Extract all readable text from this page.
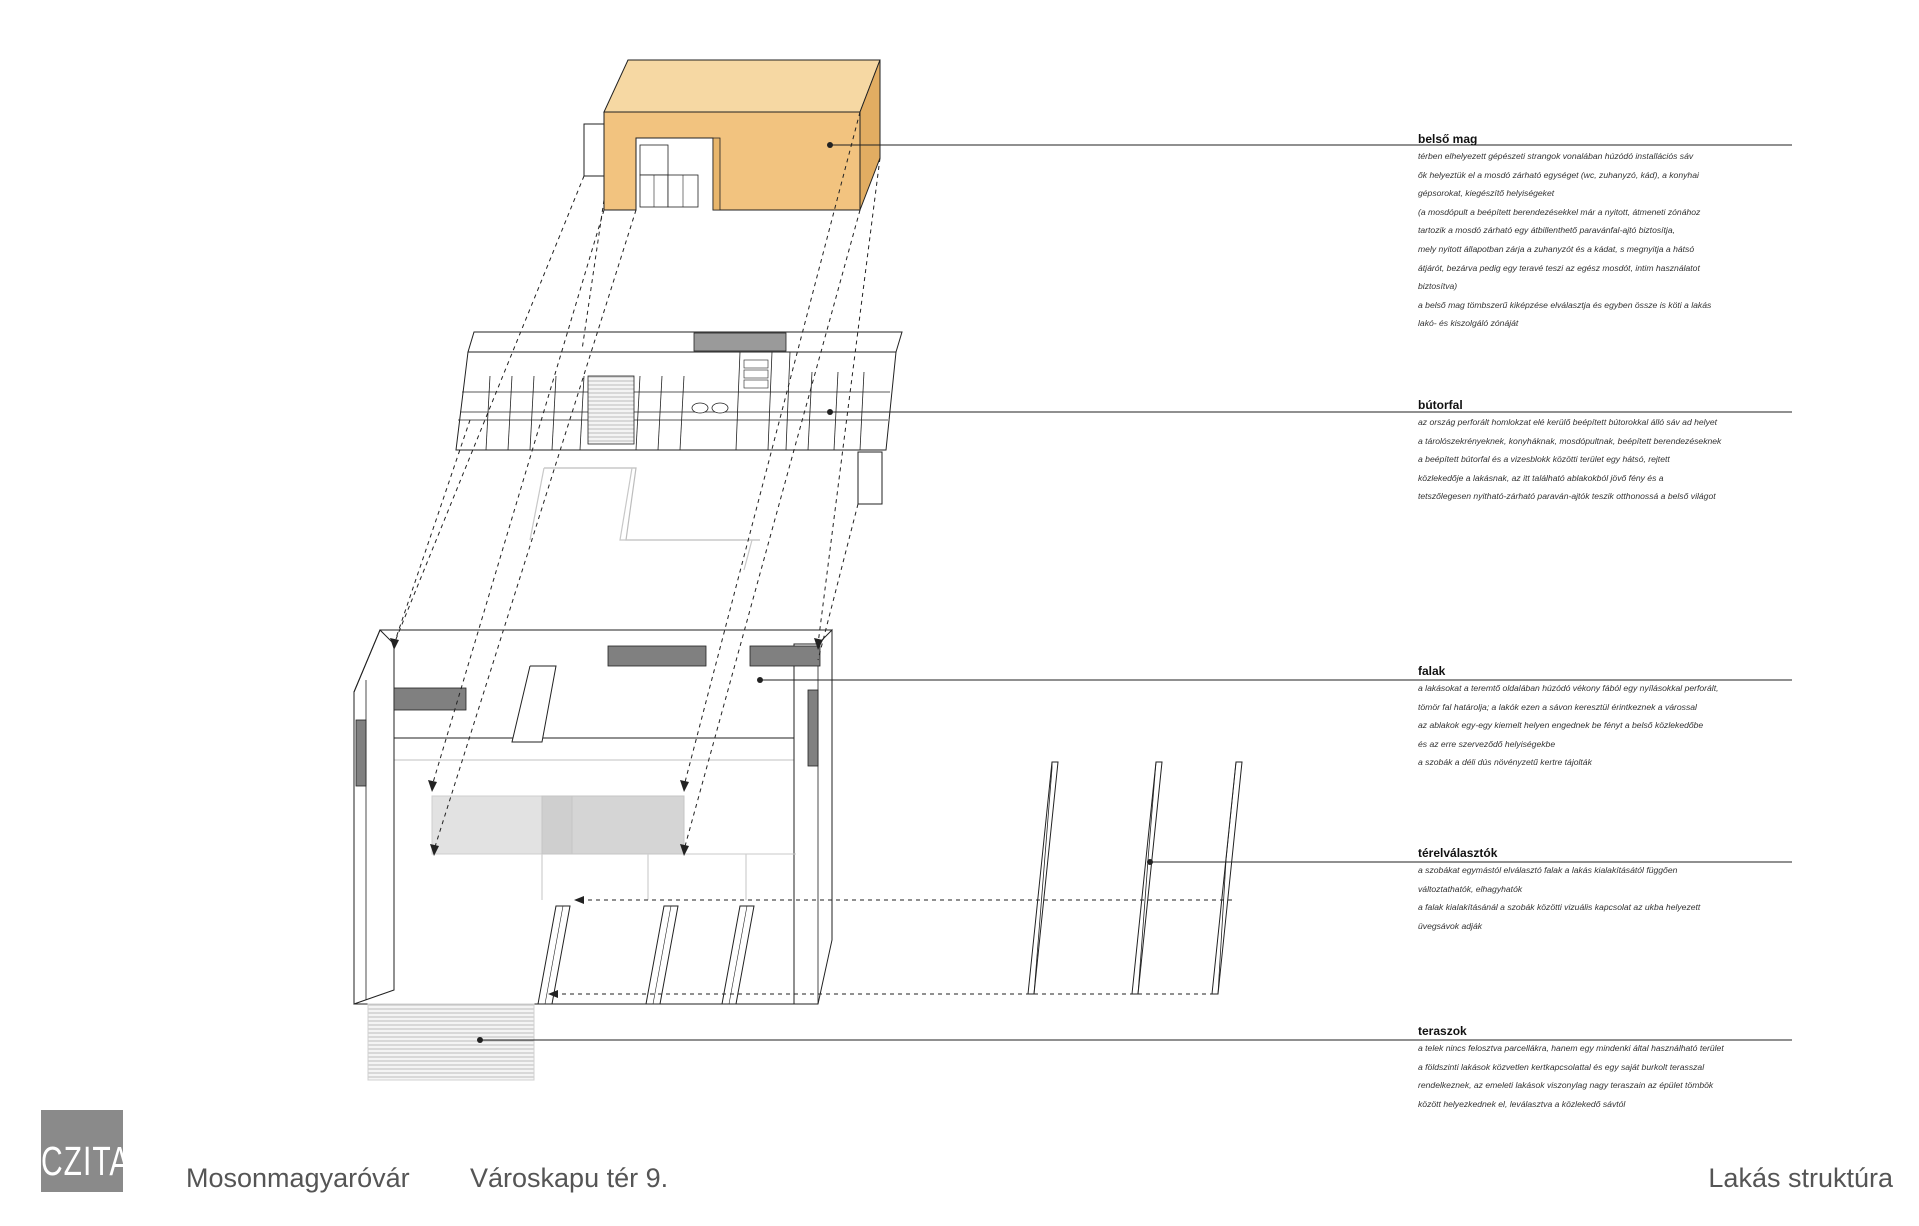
belső mag
térben elhelyezett gépészeti strangok vonalában húzódó installációs sáv
ők helyeztük el a mosdó zárható egységet (wc, zuhanyzó, kád), a konyhai
gépsorokat, kiegészítő helyiségeket
(a mosdópult a beépített berendezésekkel már a nyitott, átmeneti zónához
tartozik a mosdó zárható egy átbillenthető paravánfal-ajtó biztosítja,
mely nyitott állapotban zárja a zuhanyzót és a kádat, s megnyitja a hátsó
átjárót, bezárva pedig egy teravé teszi az egész mosdót, intim használatot
biztosítva)
a belső mag tömbszerű kiképzése elválasztja és egyben össze is köti a lakás
lakó- és kiszolgáló zónáját
bútorfal
az ország perforált homlokzat elé kerülő beépített bútorokkal álló sáv ad helyet
a tárolószekrényeknek, konyháknak, mosdópultnak, beépített berendezéseknek
a beépített bútorfal és a vizesblokk közötti terület egy hátsó, rejtett
közlekedője a lakásnak, az itt található ablakokból jövő fény és a
tetszőlegesen nyitható-zárható paraván-ajtók teszik otthonossá a belső világot
falak
a lakásokat a teremtő oldalában húzódó vékony fából egy nyílásokkal perforált,
tömör fal határolja; a lakók ezen a sávon keresztül érintkeznek a várossal
az ablakok egy-egy kiemelt helyen engednek be fényt a belső közlekedőbe
és az erre szerveződő helyiségekbe
a szobák a déli dús növényzetű kertre tájolták
térelválasztók
a szobákat egymástól elválasztó falak a lakás kialakításától függően
változtathatók, elhagyhatók
a falak kialakításánál a szobák közötti vizuális kapcsolat az ukba helyezett
üvegsávok adják
teraszok
a telek nincs felosztva parcellákra, hanem egy mindenki által használható terület
a földszinti lakások közvetlen kertkapcsolattal és egy saját burkolt terasszal
rendelkeznek, az emeleti lakások viszonylag nagy teraszain az épület tömbök
között helyezkednek el, leválasztva a közlekedő sávtól
CZITA Mosonmagyaróvár Városkapu tér 9.	Lakás struktúra
